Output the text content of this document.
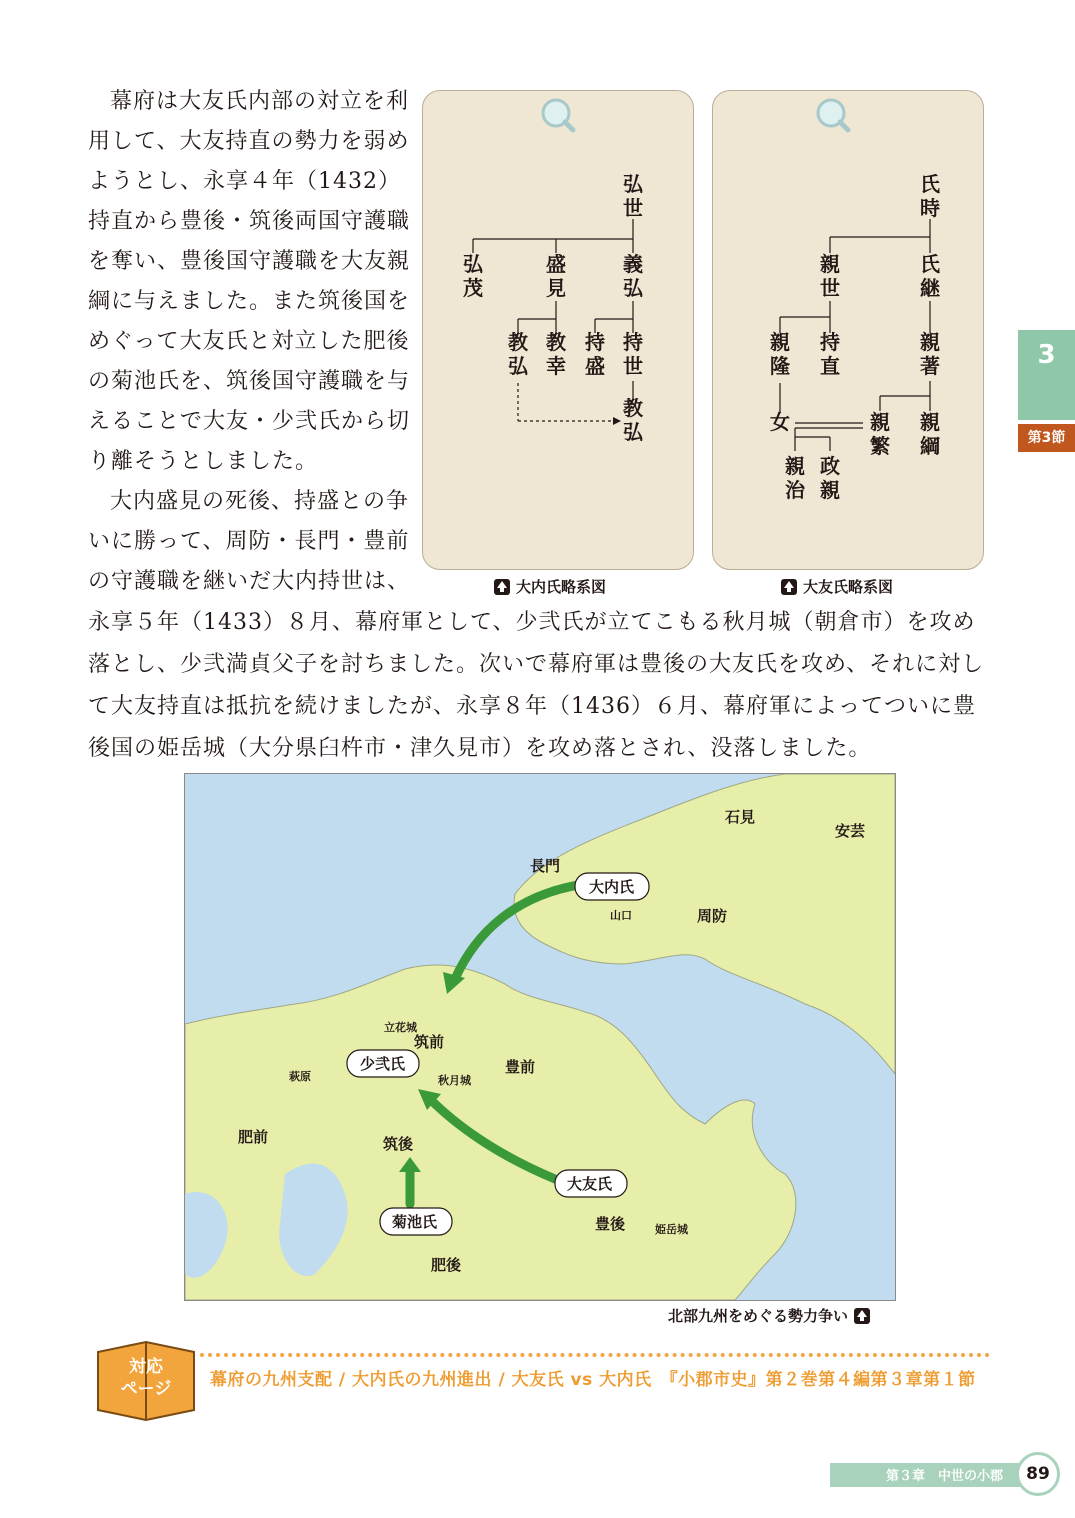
幕府は大友氏内部の対立を利用して、大友持直の勢力を弱めようとし、永享４年（1432）持直から豊後・筑後両国守護職を奪い、豊後国守護職を大友親綱に与えました。また筑後国をめぐって大友氏と対立した肥後の菊池氏を、筑後国守護職を与えることで大友・少弐氏から切り離そうとしました。

大内盛見の死後、持盛との争いに勝って、周防・長門・豊前の守護職を継いだ大内持世は、

永享５年（1433）８月、幕府軍として、少弐氏が立てこもる秋月城（朝倉市）を攻め落とし、少弐満貞父子を討ちました。次いで幕府軍は豊後の大友氏を攻め、それに対して大友持直は抵抗を続けましたが、永享８年（1436）６月、幕府軍によってついに豊後国の姫岳城（大分県臼杵市・津久見市）を攻め落とされ、没落しました。

弘
世
弘
茂
盛
見
義
弘
教
弘
教
幸
持
盛
持
世
教
弘
大内氏略系図
氏
時
親
世
氏
継
親
隆
持
直
親
著
女	親
繁
親
綱
親
治
政
親
大友氏略系図
3
第3節
石見
安芸
長門
周防
筑前
豊前
肥前	筑後
豊後
肥後
山口
立花城
萩原	秋月城
姫岳城
大内氏
少弐氏
大友氏
菊池氏
北部九州をめぐる勢力争い
対応
ページ 幕府の九州支配 / 大内氏の九州進出 / 大友氏 vs 大内氏　『小郡市史』第２巻第４編第３章第１節
第３章　中世の小郡	89
